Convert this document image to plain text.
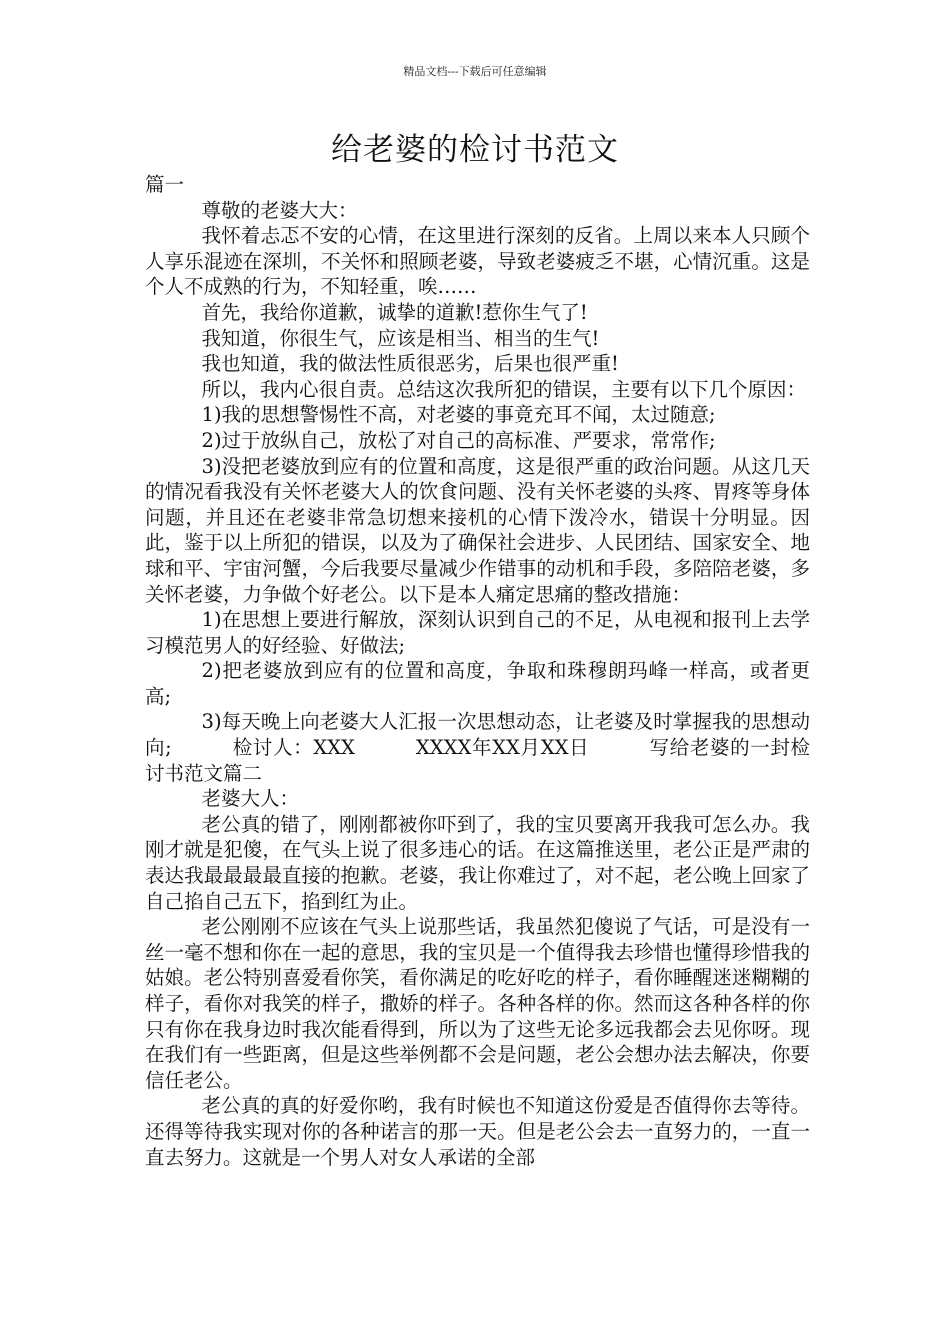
精品文档---下载后可任意编辑
给老婆的检讨书范文

篇一

尊敬的老婆大大：

我怀着忐忑不安的心情，在这里进行深刻的反省。上周以来本人只顾个人享乐混迹在深圳，不关怀和照顾老婆，导致老婆疲乏不堪，心情沉重。这是个人不成熟的行为，不知轻重，唉……

首先，我给你道歉，诚挚的道歉!惹你生气了!

我知道，你很生气，应该是相当、相当的生气!

我也知道，我的做法性质很恶劣，后果也很严重!

所以，我内心很自责。总结这次我所犯的错误，主要有以下几个原因：

1)我的思想警惕性不高，对老婆的事竟充耳不闻，太过随意;

2)过于放纵自己，放松了对自己的高标准、严要求，常常作;

3)没把老婆放到应有的位置和高度，这是很严重的政治问题。从这几天的情况看我没有关怀老婆大人的饮食问题、没有关怀老婆的头疼、胃疼等身体问题，并且还在老婆非常急切想来接机的心情下泼冷水，错误十分明显。因此，鉴于以上所犯的错误，以及为了确保社会进步、人民团结、国家安全、地球和平、宇宙河蟹，今后我要尽量减少作错事的动机和手段，多陪陪老婆，多关怀老婆，力争做个好老公。以下是本人痛定思痛的整改措施：

1)在思想上要进行解放，深刻认识到自己的不足，从电视和报刊上去学习模范男人的好经验、好做法;

2)把老婆放到应有的位置和高度，争取和珠穆朗玛峰一样高，或者更高;

3)每天晚上向老婆大人汇报一次思想动态，让老婆及时掌握我的思想动向;　　　检讨人：XXX　　　XXXX年XX月XX日　　　写给老婆的一封检讨书范文篇二

老婆大人：

老公真的错了，刚刚都被你吓到了，我的宝贝要离开我我可怎么办。我刚才就是犯傻，在气头上说了很多违心的话。在这篇推送里，老公正是严肃的表达我最最最最直接的抱歉。老婆，我让你难过了，对不起，老公晚上回家了自己掐自己五下，掐到红为止。

老公刚刚不应该在气头上说那些话，我虽然犯傻说了气话，可是没有一丝一毫不想和你在一起的意思，我的宝贝是一个值得我去珍惜也懂得珍惜我的姑娘。老公特别喜爱看你笑，看你满足的吃好吃的样子，看你睡醒迷迷糊糊的样子，看你对我笑的样子，撒娇的样子。各种各样的你。然而这各种各样的你只有你在我身边时我次能看得到，所以为了这些无论多远我都会去见你呀。现在我们有一些距离，但是这些举例都不会是问题，老公会想办法去解决，你要信任老公。

老公真的真的好爱你哟，我有时候也不知道这份爱是否值得你去等待。还得等待我实现对你的各种诺言的那一天。但是老公会去一直努力的，一直一直去努力。这就是一个男人对女人承诺的全部
